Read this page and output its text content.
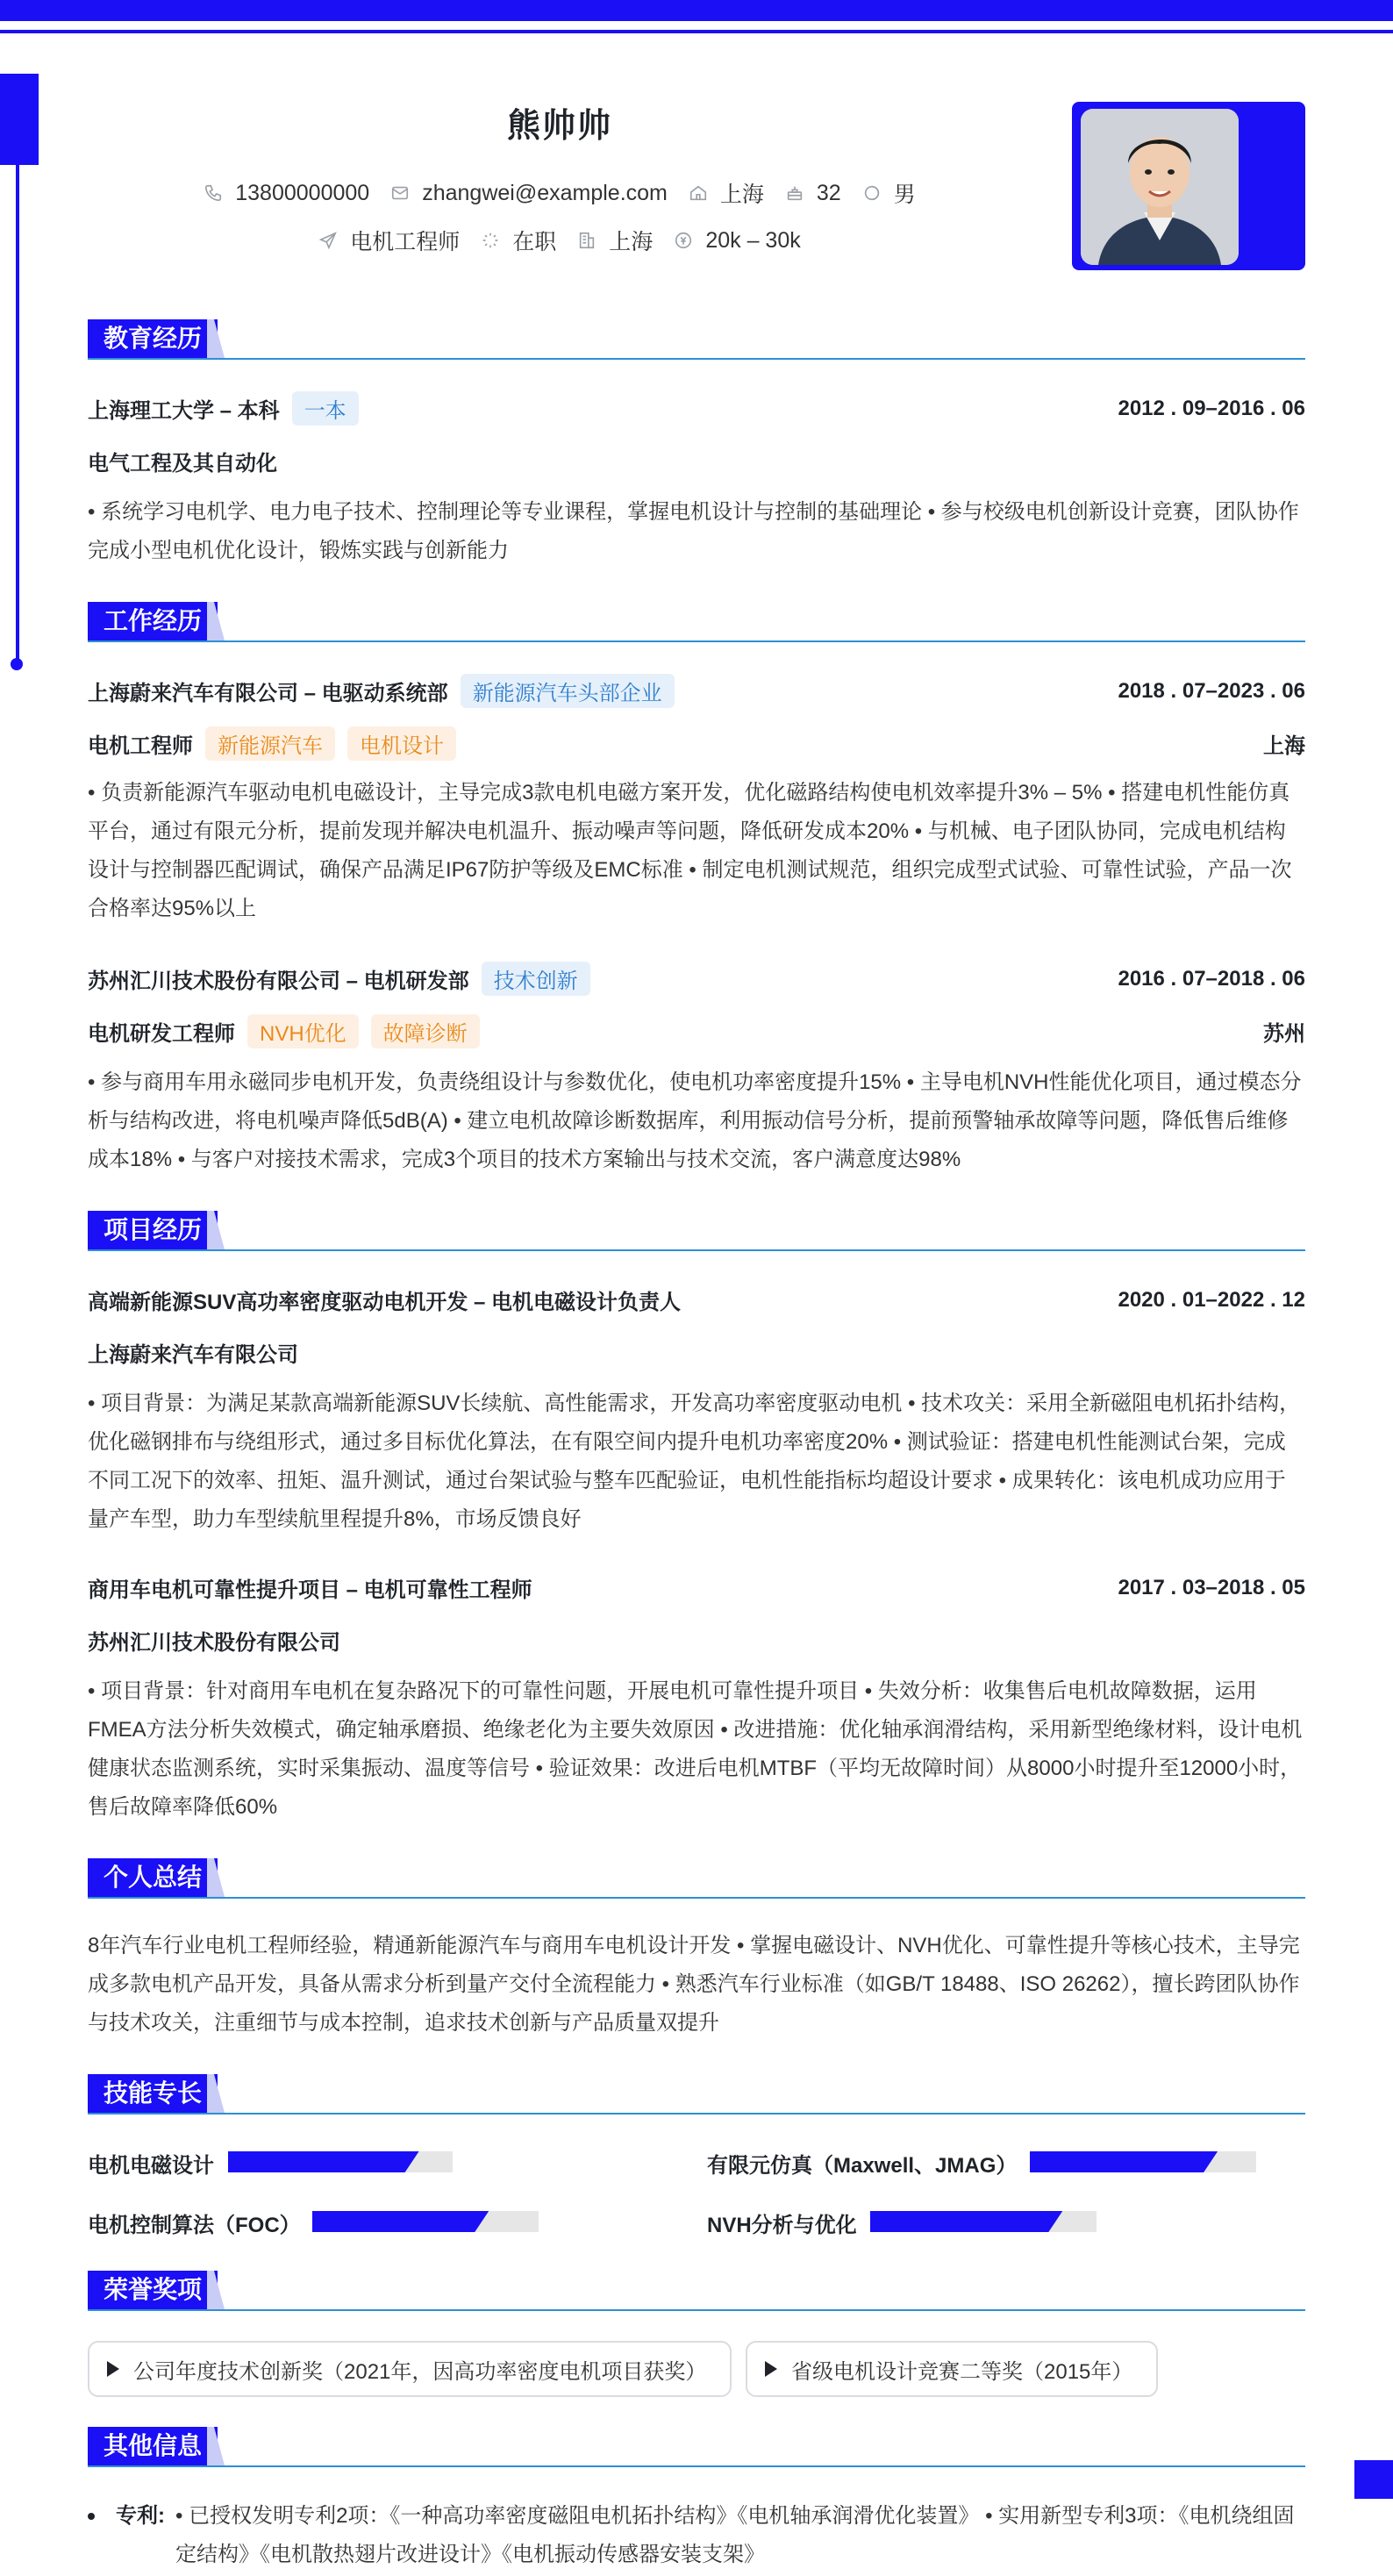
熊帅帅
13800000000 zhangwei@example.com 上海 32 男
电机工程师 在职 上海 20k – 30k
教育经历
上海理工大学 – 本科	一本	2012 . 09–2016 . 06
电气工程及其自动化
• 系统学习电机学、电力电子技术、控制理论等专业课程，掌握电机设计与控制的基础理论 • 参与校级电机创新设计竞赛，团队协作完成小型电机优化设计，锻炼实践与创新能力
工作经历
上海蔚来汽车有限公司 – 电驱动系统部	新能源汽车头部企业	2018 . 07–2023 . 06
电机工程师	新能源汽车	电机设计	上海
• 负责新能源汽车驱动电机电磁设计，主导完成3款电机电磁方案开发，优化磁路结构使电机效率提升3% – 5% • 搭建电机性能仿真平台，通过有限元分析，提前发现并解决电机温升、振动噪声等问题，降低研发成本20% • 与机械、电子团队协同，完成电机结构设计与控制器匹配调试，确保产品满足IP67防护等级及EMC标准 • 制定电机测试规范，组织完成型式试验、可靠性试验，产品一次合格率达95%以上
苏州汇川技术股份有限公司 – 电机研发部	技术创新	2016 . 07–2018 . 06
电机研发工程师	NVH优化	故障诊断	苏州
• 参与商用车用永磁同步电机开发，负责绕组设计与参数优化，使电机功率密度提升15% • 主导电机NVH性能优化项目，通过模态分析与结构改进，将电机噪声降低5dB(A) • 建立电机故障诊断数据库，利用振动信号分析，提前预警轴承故障等问题，降低售后维修成本18% • 与客户对接技术需求，完成3个项目的技术方案输出与技术交流，客户满意度达98%
项目经历
高端新能源SUV高功率密度驱动电机开发 – 电机电磁设计负责人	2020 . 01–2022 . 12
上海蔚来汽车有限公司
• 项目背景：为满足某款高端新能源SUV长续航、高性能需求，开发高功率密度驱动电机 • 技术攻关：采用全新磁阻电机拓扑结构，优化磁钢排布与绕组形式，通过多目标优化算法，在有限空间内提升电机功率密度20% • 测试验证：搭建电机性能测试台架，完成不同工况下的效率、扭矩、温升测试，通过台架试验与整车匹配验证，电机性能指标均超设计要求 • 成果转化：该电机成功应用于量产车型，助力车型续航里程提升8%，市场反馈良好
商用车电机可靠性提升项目 – 电机可靠性工程师	2017 . 03–2018 . 05
苏州汇川技术股份有限公司
• 项目背景：针对商用车电机在复杂路况下的可靠性问题，开展电机可靠性提升项目 • 失效分析：收集售后电机故障数据，运用FMEA方法分析失效模式，确定轴承磨损、绝缘老化为主要失效原因 • 改进措施：优化轴承润滑结构，采用新型绝缘材料，设计电机健康状态监测系统，实时采集振动、温度等信号 • 验证效果：改进后电机MTBF（平均无故障时间）从8000小时提升至12000小时，售后故障率降低60%
个人总结
8年汽车行业电机工程师经验，精通新能源汽车与商用车电机设计开发 • 掌握电磁设计、NVH优化、可靠性提升等核心技术，主导完成多款电机产品开发，具备从需求分析到量产交付全流程能力 • 熟悉汽车行业标准（如GB/T 18488、ISO 26262），擅长跨团队协作与技术攻关，注重细节与成本控制，追求技术创新与产品质量双提升
技能专长
电机电磁设计	有限元仿真（Maxwell、JMAG）
电机控制算法（FOC）	NVH分析与优化
荣誉奖项
公司年度技术创新奖（2021年，因高功率密度电机项目获奖）	省级电机设计竞赛二等奖（2015年）
其他信息
专利: • 已授权发明专利2项：《一种高功率密度磁阻电机拓扑结构》《电机轴承润滑优化装置》 • 实用新型专利3项：《电机绕组固定结构》《电机散热翅片改进设计》《电机振动传感器安装支架》
